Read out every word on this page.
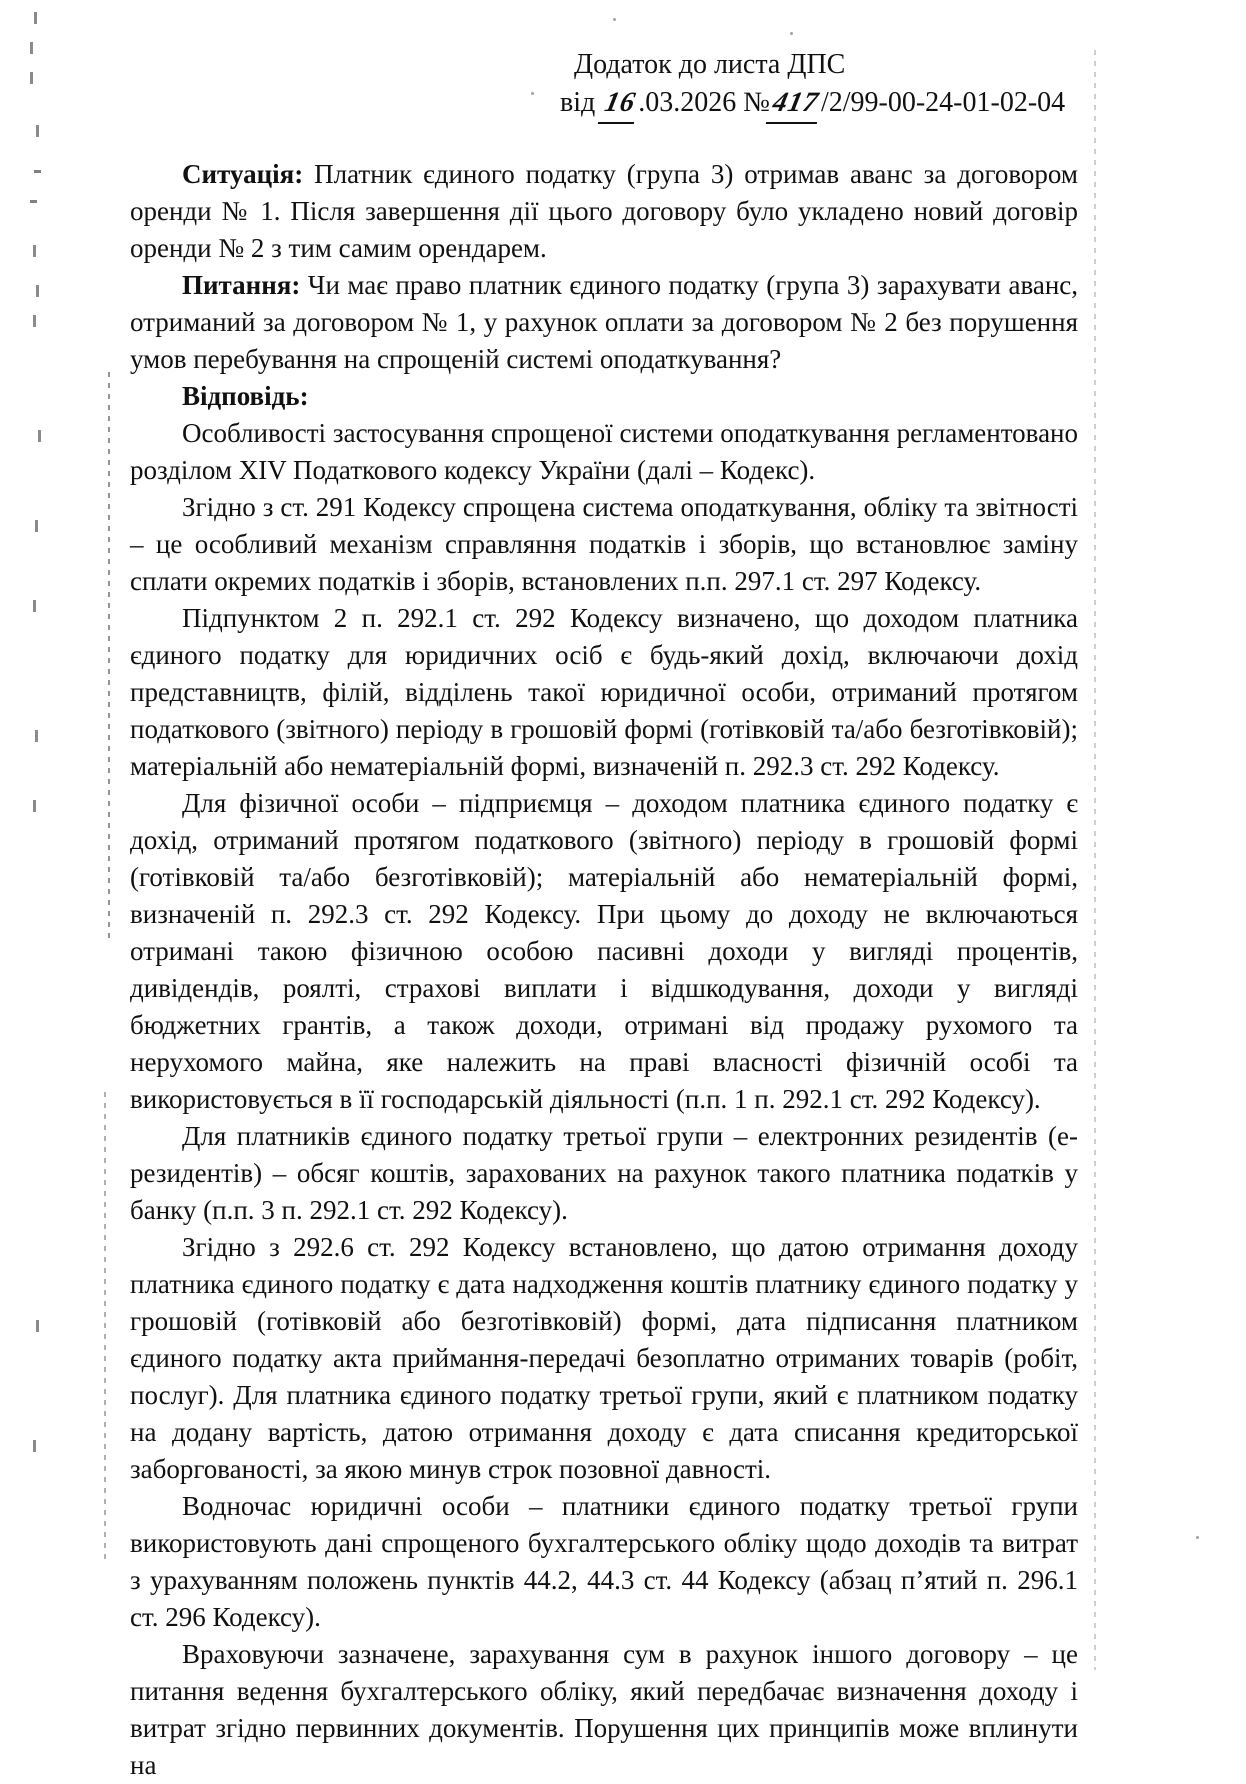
Додаток до листа ДПС
від 16.03.2026 №417/2/99-00-24-01-02-04

Ситуація: Платник єдиного податку (група 3) отримав аванс за договором оренди № 1. Після завершення дії цього договору було укладено новий договір оренди № 2 з тим самим орендарем.

Питання: Чи має право платник єдиного податку (група 3) зарахувати аванс, отриманий за договором № 1, у рахунок оплати за договором № 2 без порушення умов перебування на спрощеній системі оподаткування?

Відповідь:

Особливості застосування спрощеної системи оподаткування регламентовано розділом XIV Податкового кодексу України (далі – Кодекс).

Згідно з ст. 291 Кодексу спрощена система оподаткування, обліку та звітності – це особливий механізм справляння податків і зборів, що встановлює заміну сплати окремих податків і зборів, встановлених п.п. 297.1 ст. 297 Кодексу.

Підпунктом 2 п. 292.1 ст. 292 Кодексу визначено, що доходом платника єдиного податку для юридичних осіб є будь-який дохід, включаючи дохід представництв, філій, відділень такої юридичної особи, отриманий протягом податкового (звітного) періоду в грошовій формі (готівковій та/або безготівковій); матеріальній або нематеріальній формі, визначеній п. 292.3 ст. 292 Кодексу.

Для фізичної особи – підприємця – доходом платника єдиного податку є дохід, отриманий протягом податкового (звітного) періоду в грошовій формі (готівковій та/або безготівковій); матеріальній або нематеріальній формі, визначеній п. 292.3 ст. 292 Кодексу. При цьому до доходу не включаються отримані такою фізичною особою пасивні доходи у вигляді процентів, дивідендів, роялті, страхові виплати і відшкодування, доходи у вигляді бюджетних грантів, а також доходи, отримані від продажу рухомого та нерухомого майна, яке належить на праві власності фізичній особі та використовується в її господарській діяльності (п.п. 1 п. 292.1 ст. 292 Кодексу).

Для платників єдиного податку третьої групи – електронних резидентів (е-резидентів) – обсяг коштів, зарахованих на рахунок такого платника податків у банку (п.п. 3 п. 292.1 ст. 292 Кодексу).

Згідно з 292.6 ст. 292 Кодексу встановлено, що датою отримання доходу платника єдиного податку є дата надходження коштів платнику єдиного податку у грошовій (готівковій або безготівковій) формі, дата підписання платником єдиного податку акта приймання-передачі безоплатно отриманих товарів (робіт, послуг). Для платника єдиного податку третьої групи, який є платником податку на додану вартість, датою отримання доходу є дата списання кредиторської заборгованості, за якою минув строк позовної давності.

Водночас юридичні особи – платники єдиного податку третьої групи використовують дані спрощеного бухгалтерського обліку щодо доходів та витрат з урахуванням положень пунктів 44.2, 44.3 ст. 44 Кодексу (абзац п’ятий п. 296.1 ст. 296 Кодексу).

Враховуючи зазначене, зарахування сум в рахунок іншого договору – це питання ведення бухгалтерського обліку, який передбачає визначення доходу і витрат згідно первинних документів. Порушення цих принципів може вплинути на
